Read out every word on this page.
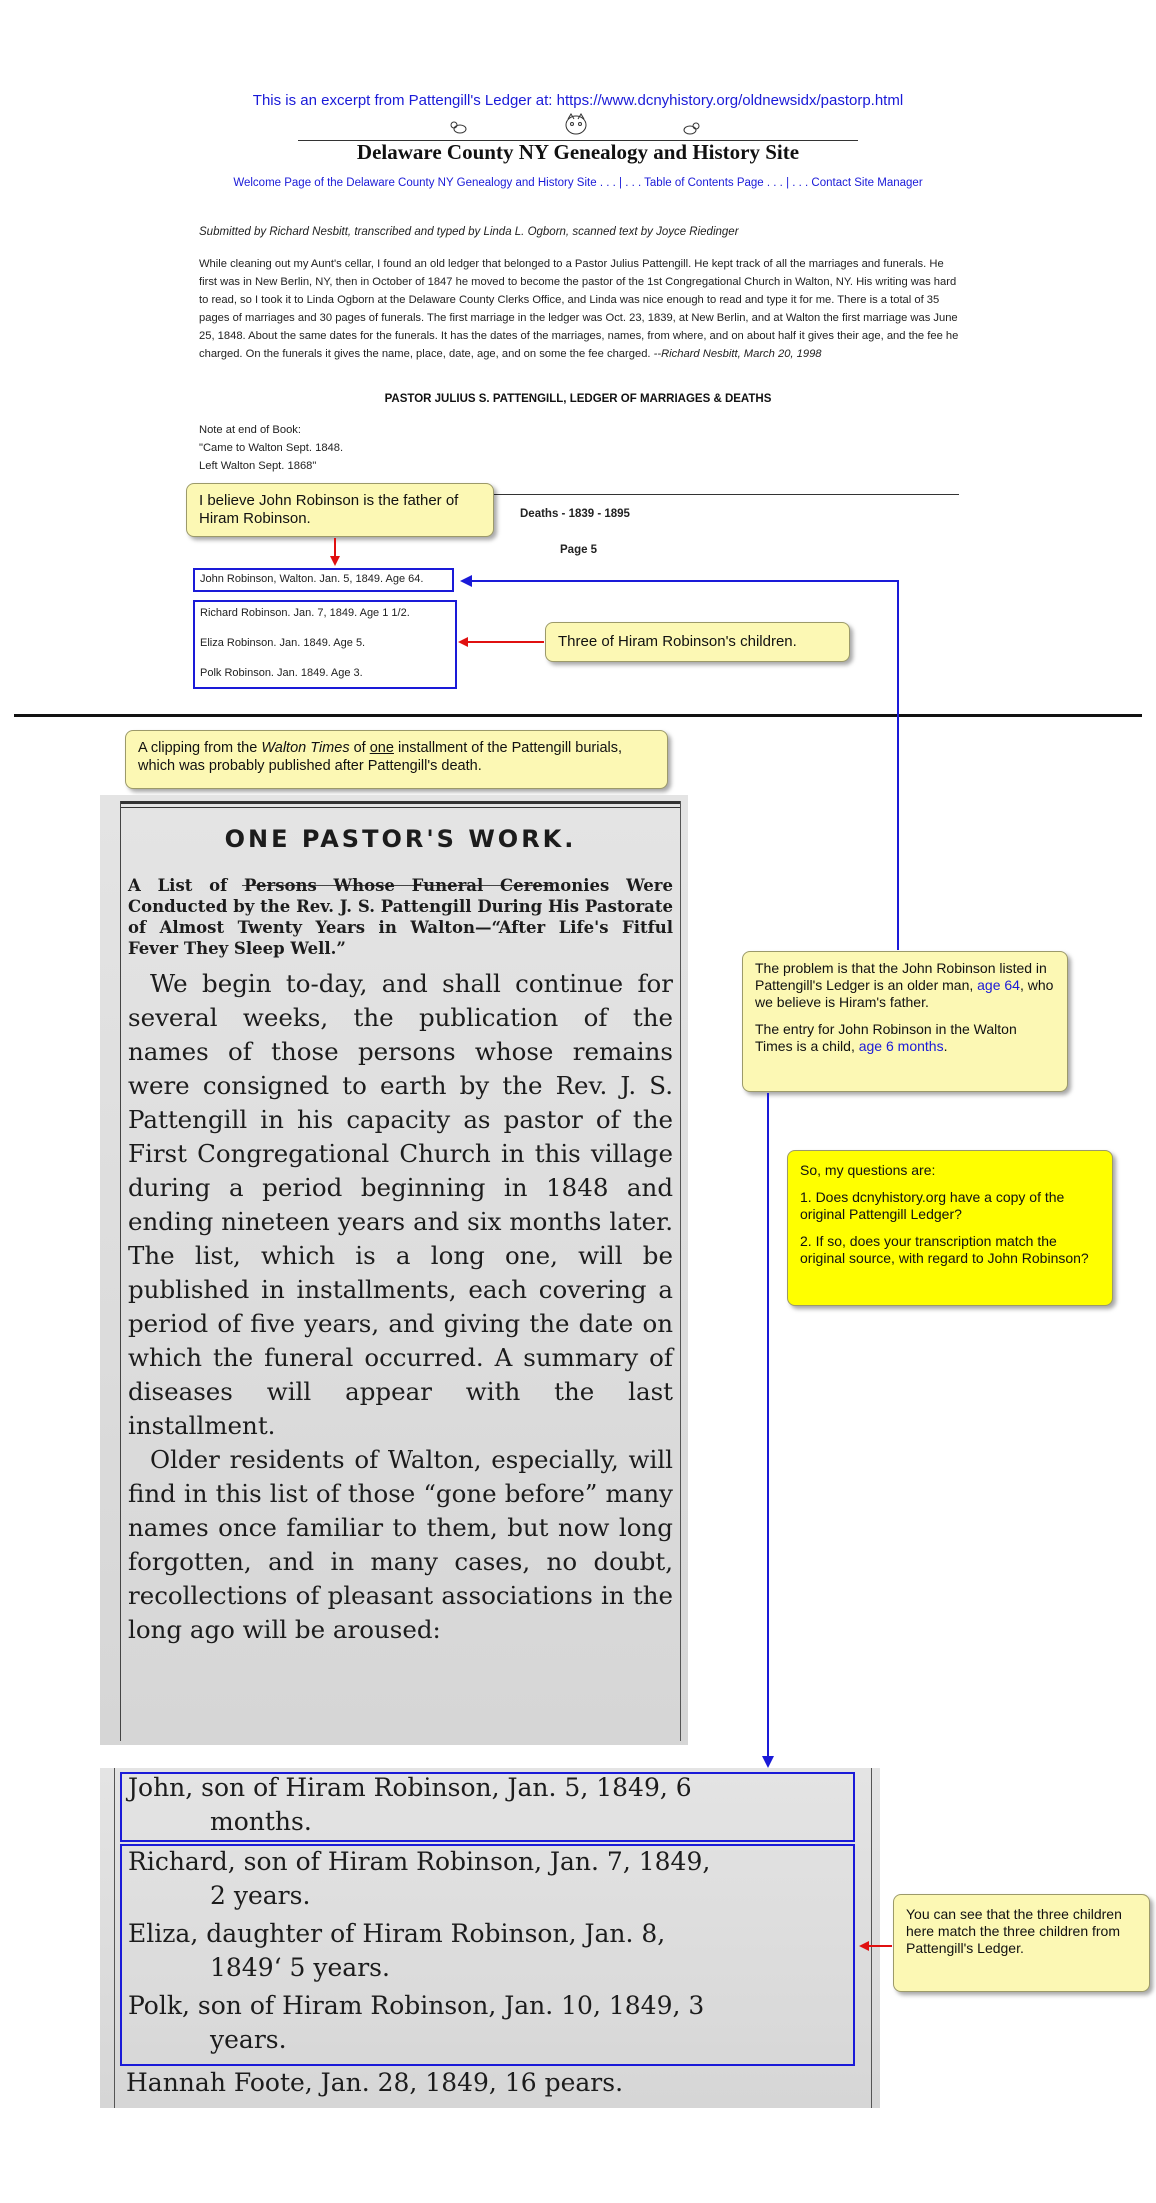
This is an excerpt from Pattengill's Ledger at: https://www.dcnyhistory.org/oldnewsidx/pastorp.html
Delaware County NY Genealogy and History Site
Welcome Page of the Delaware County NY Genealogy and History Site . . . | . . . Table of Contents Page . . . | . . . Contact Site Manager
Submitted by Richard Nesbitt, transcribed and typed by Linda L. Ogborn, scanned text by Joyce Riedinger
While cleaning out my Aunt's cellar, I found an old ledger that belonged to a Pastor Julius Pattengill. He kept track of all the marriages and funerals. He first was in New Berlin, NY, then in October of 1847 he moved to become the pastor of the 1st Congregational Church in Walton, NY. His writing was hard to read, so I took it to Linda Ogborn at the Delaware County Clerks Office, and Linda was nice enough to read and type it for me. There is a total of 35 pages of marriages and 30 pages of funerals. The first marriage in the ledger was Oct. 23, 1839, at New Berlin, and at Walton the first marriage was June 25, 1848. About the same dates for the funerals. It has the dates of the marriages, names, from where, and on about half it gives their age, and the fee he charged. On the funerals it gives the name, place, date, age, and on some the fee charged. --Richard Nesbitt, March 20, 1998
PASTOR JULIUS S. PATTENGILL, LEDGER OF MARRIAGES & DEATHS
Note at end of Book:
"Came to Walton Sept. 1848.
Left Walton Sept. 1868"
Deaths - 1839 - 1895
Page 5
John Robinson, Walton. Jan. 5, 1849. Age 64.
Richard Robinson. Jan. 7, 1849. Age 1 1/2.
Eliza Robinson. Jan. 1849. Age 5.
Polk Robinson. Jan. 1849. Age 3.
I believe John Robinson is the father of Hiram Robinson.
Three of Hiram Robinson's children.
A clipping from the Walton Times of one installment of the Pattengill burials, which was probably published after Pattengill's death.
ONE PASTOR'S WORK.
A List of Persons Whose Funeral Ceremonies Were Conducted by the Rev. J. S. Pattengill During His Pastorate of Almost Twenty Years in Walton—“After Life's Fitful Fever They Sleep Well.”
We begin to-day, and shall continue for several weeks, the publication of the names of those persons whose remains were consigned to earth by the Rev. J. S. Pattengill in his capacity as pastor of the First Congregational Church in this village during a period beginning in 1848 and ending nineteen years and six months later. The list, which is a long one, will be published in installments, each covering a period of five years, and giving the date on which the funeral occurred. A summary of diseases will appear with the last installment.
Older residents of Walton, especially, will find in this list of those “gone before” many names once familiar to them, but now long forgotten, and in many cases, no doubt, recollections of pleasant associations in the long ago will be aroused:
John, son of Hiram Robinson, Jan. 5, 1849, 6
months.
Richard, son of Hiram Robinson, Jan. 7, 1849,
2 years.
Eliza, daughter of Hiram Robinson, Jan. 8,
1849‘ 5 years.
Polk, son of Hiram Robinson, Jan. 10, 1849, 3
years.
Hannah Foote, Jan. 28, 1849, 16 pears.
The problem is that the John Robinson listed in Pattengill's Ledger is an older man, age 64, who we believe is Hiram's father.
The entry for John Robinson in the Walton Times is a child, age 6 months.
So, my questions are:
1. Does dcnyhistory.org have a copy of the original Pattengill Ledger?
2. If so, does your transcription match the original source, with regard to John Robinson?
You can see that the three children here match the three children from Pattengill's Ledger.
